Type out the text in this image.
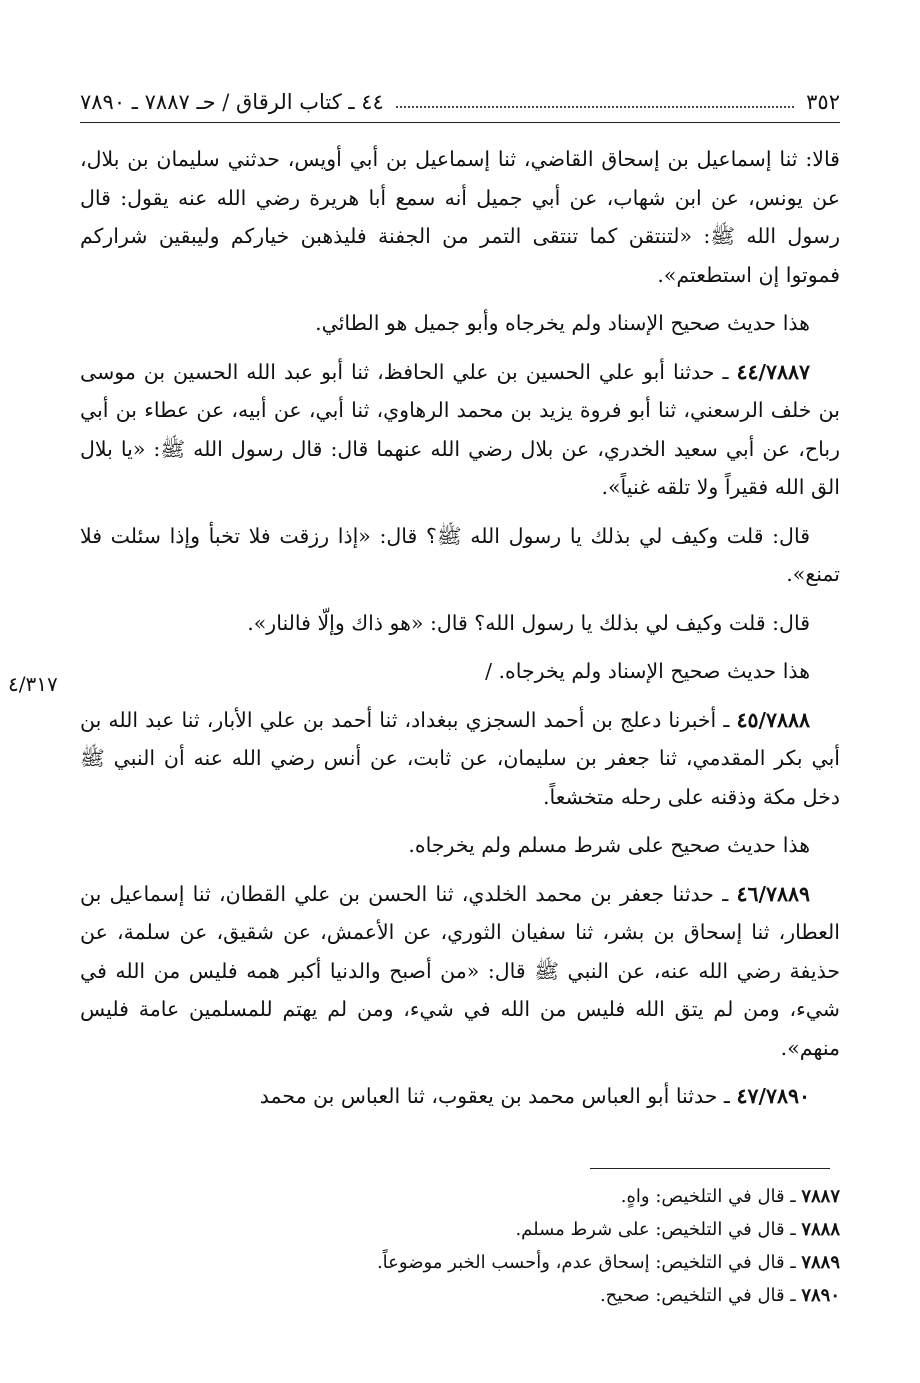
٣٥٢
٤٤ ـ كتاب الرقاق / حـ ٧٨٨٧ ـ ٧٨٩٠

قالا: ثنا إسماعيل بن إسحاق القاضي، ثنا إسماعيل بن أبي أويس، حدثني سليمان بن بلال، عن يونس، عن ابن شهاب، عن أبي جميل أنه سمع أبا هريرة رضي الله عنه يقول: قال رسول الله ﷺ: «لتنتقن كما تنتقى التمر من الجفنة فليذهبن خياركم وليبقين شراركم فموتوا إن استطعتم».

هذا حديث صحيح الإسناد ولم يخرجاه وأبو جميل هو الطائي.

٤٤/٧٨٨٧ ـ حدثنا أبو علي الحسين بن علي الحافظ، ثنا أبو عبد الله الحسين بن موسى بن خلف الرسعني، ثنا أبو فروة يزيد بن محمد الرهاوي، ثنا أبي، عن أبيه، عن عطاء بن أبي رباح، عن أبي سعيد الخدري، عن بلال رضي الله عنهما قال: قال رسول الله ﷺ: «يا بلال الق الله فقيراً ولا تلقه غنياً».

قال: قلت وكيف لي بذلك يا رسول الله ﷺ؟ قال: «إذا رزقت فلا تخبأ وإذا سئلت فلا تمنع».

قال: قلت وكيف لي بذلك يا رسول الله؟ قال: «هو ذاك وإلّا فالنار».

هذا حديث صحيح الإسناد ولم يخرجاه. /

٤٥/٧٨٨٨ ـ أخبرنا دعلج بن أحمد السجزي ببغداد، ثنا أحمد بن علي الأبار، ثنا عبد الله بن أبي بكر المقدمي، ثنا جعفر بن سليمان، عن ثابت، عن أنس رضي الله عنه أن النبي ﷺ دخل مكة وذقنه على رحله متخشعاً.

هذا حديث صحيح على شرط مسلم ولم يخرجاه.

٤٦/٧٨٨٩ ـ حدثنا جعفر بن محمد الخلدي، ثنا الحسن بن علي القطان، ثنا إسماعيل بن العطار، ثنا إسحاق بن بشر، ثنا سفيان الثوري، عن الأعمش، عن شقيق، عن سلمة، عن حذيفة رضي الله عنه، عن النبي ﷺ قال: «من أصبح والدنيا أكبر همه فليس من الله في شيء، ومن لم يتق الله فليس من الله في شيء، ومن لم يهتم للمسلمين عامة فليس منهم».

٤٧/٧٨٩٠ ـ حدثنا أبو العباس محمد بن يعقوب، ثنا العباس بن محمد

٤/٣١٧

٧٨٨٧ ـ قال في التلخيص: واهٍ.

٧٨٨٨ ـ قال في التلخيص: على شرط مسلم.

٧٨٨٩ ـ قال في التلخيص: إسحاق عدم، وأحسب الخبر موضوعاً.

٧٨٩٠ ـ قال في التلخيص: صحيح.
